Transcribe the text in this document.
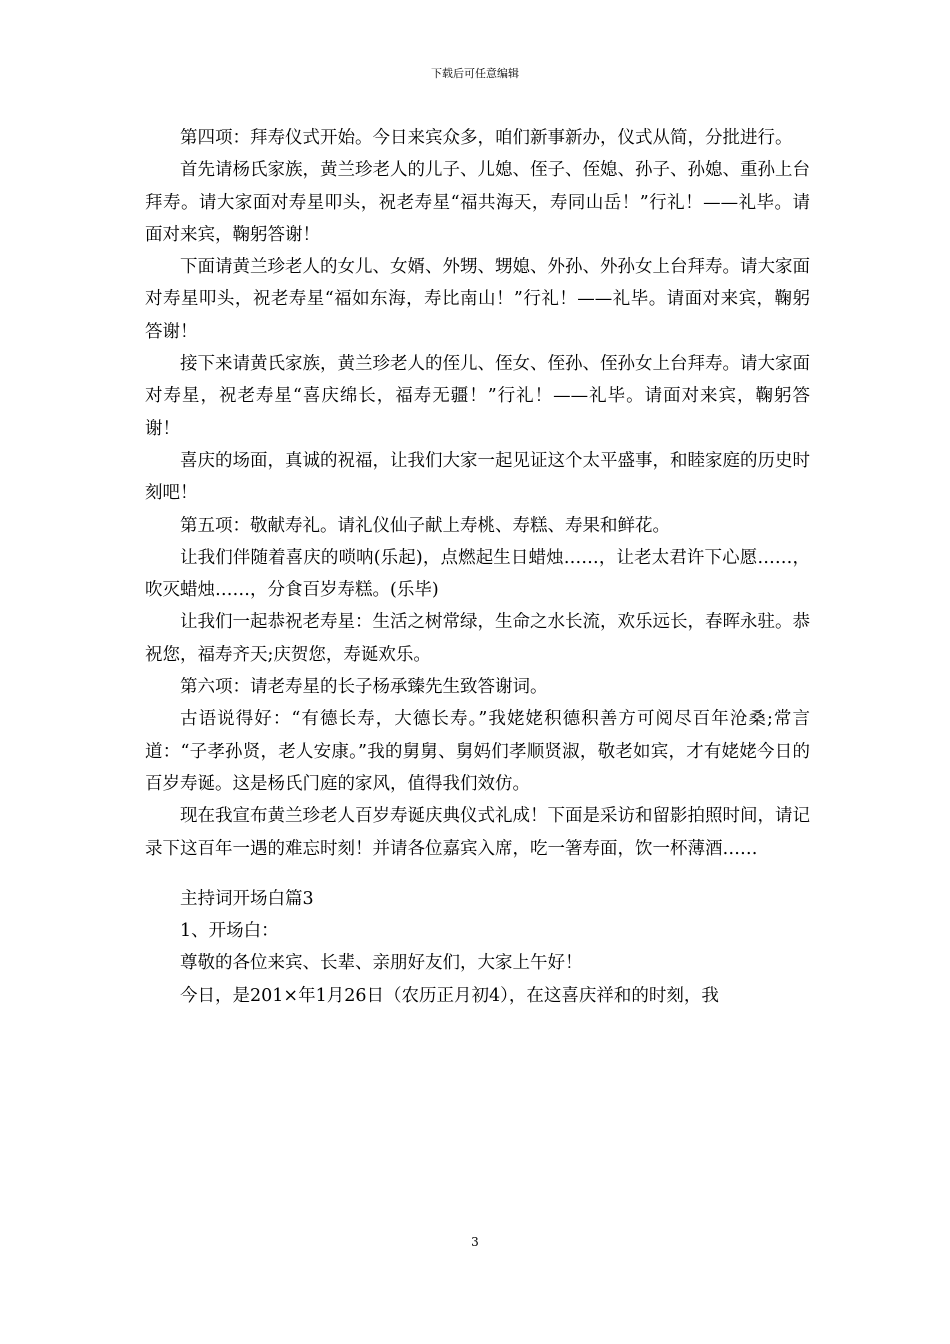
下载后可任意编辑

第四项：拜寿仪式开始。今日来宾众多，咱们新事新办，仪式从简，分批进行。

首先请杨氏家族，黄兰珍老人的儿子、儿媳、侄子、侄媳、孙子、孙媳、重孙上台拜寿。请大家面对寿星叩头，祝老寿星“福共海天，寿同山岳！”行礼！——礼毕。请面对来宾，鞠躬答谢！

下面请黄兰珍老人的女儿、女婿、外甥、甥媳、外孙、外孙女上台拜寿。请大家面对寿星叩头，祝老寿星“福如东海，寿比南山！”行礼！——礼毕。请面对来宾，鞠躬答谢！

接下来请黄氏家族，黄兰珍老人的侄儿、侄女、侄孙、侄孙女上台拜寿。请大家面对寿星，祝老寿星“喜庆绵长，福寿无疆！”行礼！——礼毕。请面对来宾，鞠躬答谢！

喜庆的场面，真诚的祝福，让我们大家一起见证这个太平盛事，和睦家庭的历史时刻吧！

第五项：敬献寿礼。请礼仪仙子献上寿桃、寿糕、寿果和鲜花。

让我们伴随着喜庆的唢呐(乐起)，点燃起生日蜡烛……，让老太君许下心愿……，吹灭蜡烛……，分食百岁寿糕。(乐毕)

让我们一起恭祝老寿星：生活之树常绿，生命之水长流，欢乐远长，春晖永驻。恭祝您，福寿齐天;庆贺您，寿诞欢乐。

第六项：请老寿星的长子杨承臻先生致答谢词。

古语说得好：“有德长寿，大德长寿。”我姥姥积德积善方可阅尽百年沧桑;常言道：“子孝孙贤，老人安康。”我的舅舅、舅妈们孝顺贤淑，敬老如宾，才有姥姥今日的百岁寿诞。这是杨氏门庭的家风，值得我们效仿。

现在我宣布黄兰珍老人百岁寿诞庆典仪式礼成！下面是采访和留影拍照时间，请记录下这百年一遇的难忘时刻！并请各位嘉宾入席，吃一箸寿面，饮一杯薄酒……

主持词开场白篇3

1、开场白：

尊敬的各位来宾、长辈、亲朋好友们，大家上午好！

今日，是201×年1月26日（农历正月初4），在这喜庆祥和的时刻，我

3
